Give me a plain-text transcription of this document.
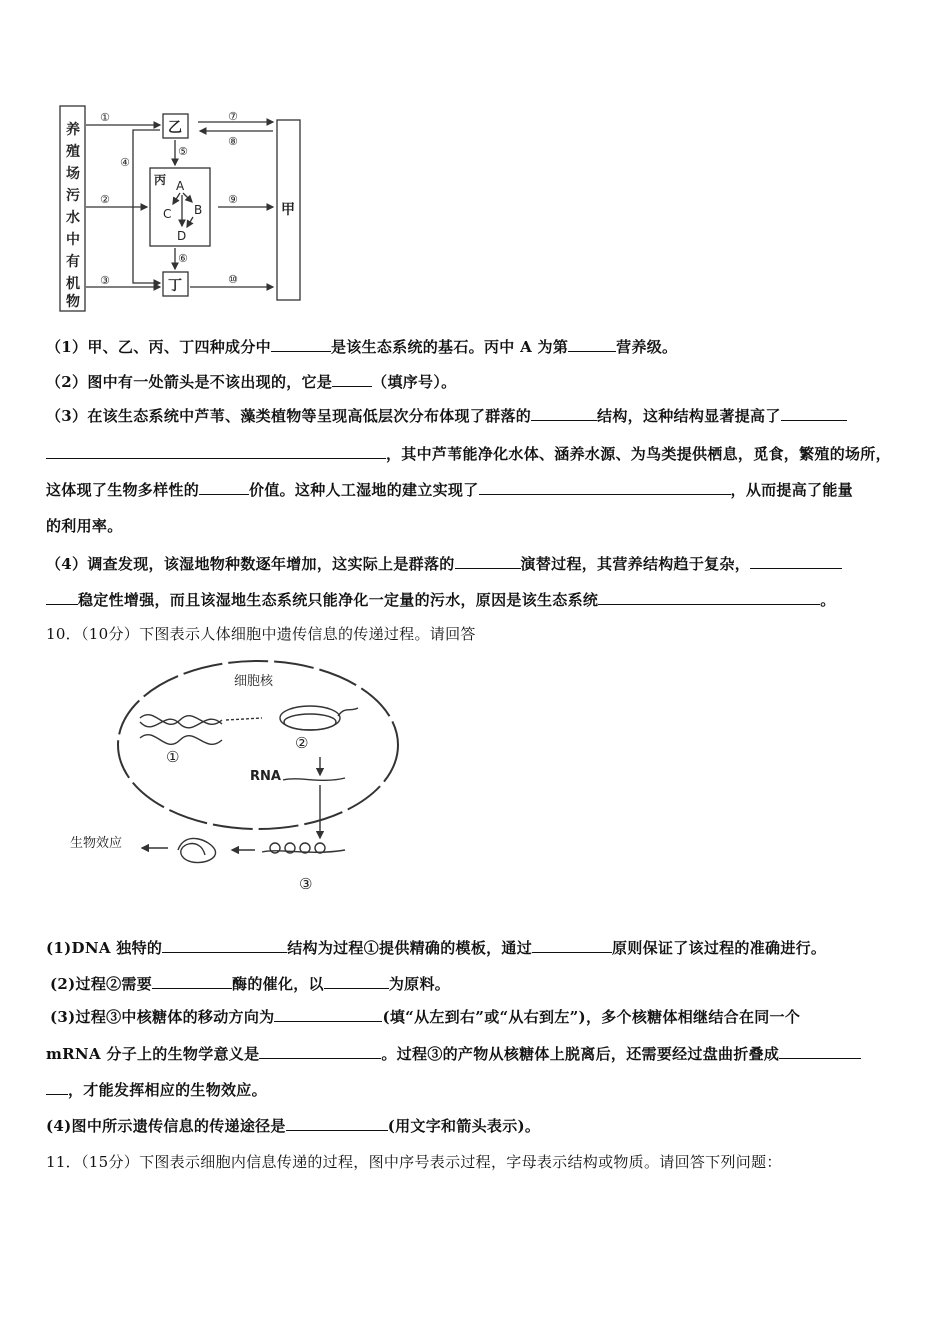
养
殖
场
污
水
中
有
机
物
乙
丙
丁
甲
A
B
C
D
①
②
③
④
⑤
⑥
⑦
⑧
⑨
⑩
（1）甲、乙、丙、丁四种成分中	是该生态系统的基石。丙中 A 为第	营养级。
（2）图中有一处箭头是不该出现的，它是	（填序号）。
（3）在该生态系统中芦苇、藻类植物等呈现高低层次分布体现了群落的	结构，这种结构显著提高了
，其中芦苇能净化水体、涵养水源、为鸟类提供栖息，觅食，繁殖的场所，
这体现了生物多样性的	价值。这种人工湿地的建立实现了	，从而提高了能量
的利用率。
（4）调查发现，该湿地物种数逐年增加，这实际上是群落的	演替过程，其营养结构趋于复杂，
稳定性增强，而且该湿地生态系统只能净化一定量的污水，原因是该生态系统	。
10．（10分）下图表示人体细胞中遗传信息的传递过程。请回答
细胞核
RNA
生物效应
①
②
③
(1)DNA 独特的	结构为过程①提供精确的模板，通过	原则保证了该过程的准确进行。
(2)过程②需要	酶的催化，以	为原料。
(3)过程③中核糖体的移动方向为	(填“从左到右”或“从右到左”)，多个核糖体相继结合在同一个
mRNA 分子上的生物学意义是	。过程③的产物从核糖体上脱离后，还需要经过盘曲折叠成
，才能发挥相应的生物效应。
(4)图中所示遗传信息的传递途径是	(用文字和箭头表示)。
11．（15分）下图表示细胞内信息传递的过程，图中序号表示过程，字母表示结构或物质。请回答下列问题：
